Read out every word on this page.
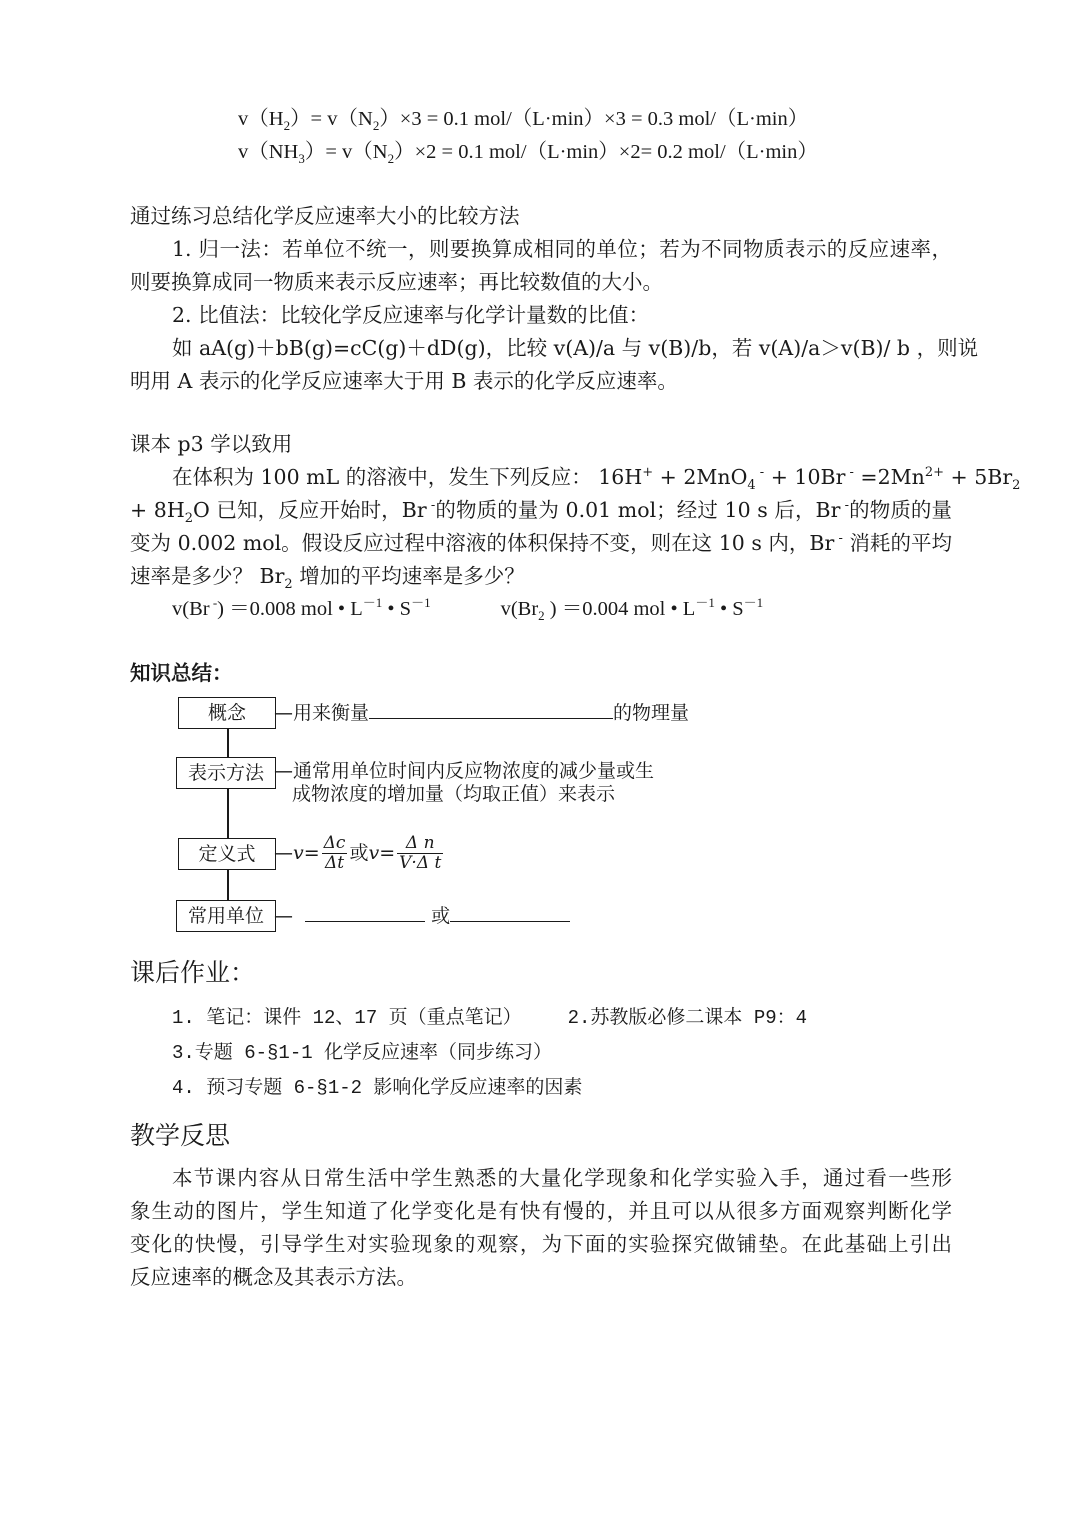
$v(H_2)= v(N_2)\times 3 = 0.1$ mol/（L·min）×3 = 0.3 mol/（L·min）
$v(NH_3)= v(N_2)\times 2 = 0.1$ mol/（L·min）×2= 0.2 mol/（L·min）
通过练习总结化学反应速率大小的比较方法
1. 归一法：若单位不统一，则要换算成相同的单位；若为不同物质表示的反应速率，
则要换算成同一物质来表示反应速率；再比较数值的大小。
2. 比值法：比较化学反应速率与化学计量数的比值：
如 aA(g)＋bB(g)=cC(g)＋dD(g)，比较 v(A)/a 与 v(B)/b，若 v(A)/a＞v(B)/ b ，则说
明用 A 表示的化学反应速率大于用 B 表示的化学反应速率。
课本 p3 学以致用
在体积为 100 mL 的溶液中，发生下列反应： 16H+ + 2MnO$_4$ - + 10Br $^- =2Mn^{2+} + 5Br_2$
+ $8H_2O$ 已知，反应开始时，Br -的物质的量为 0.01 mol；经过 10 s 后，Br -的物质的量
变为 0.002 mol。假设反应过程中溶液的体积保持不变，则在这 10 s 内，Br - 消耗的平均
速率是多少？ $Br_2$ 增加的平均速率是多少？
v(Br -) ＝0.008 mol • $L^{-1}$ • $S^{-1}$	$v(Br_2$ ) ＝0.004 mol • $L^{-1}$ • $S^{-1}$
知识总结：
概念	—用来衡量	的物理量
表示方法 —通常用单位时间内反应物浓度的减少量或生
成物浓度的增加量（均取正值）来表示
定义式 —v= $\frac{\Delta c}{\Delta t}$ 或$v= \frac{\text{Δ n}}{\text{V·Δ t}}$
常用单位 —	或
课后作业：
1. 笔记：课件 12、17 页（重点笔记） 2.苏教版必修二课本 P9：4
3.专题 6-§1-1 化学反应速率（同步练习）
4. 预习专题 6-§1-2 影响化学反应速率的因素
教学反思
本节课内容从日常生活中学生熟悉的大量化学现象和化学实验入手，通过看一些形
象生动的图片，学生知道了化学变化是有快有慢的，并且可以从很多方面观察判断化学
变化的快慢，引导学生对实验现象的观察，为下面的实验探究做铺垫。在此基础上引出
反应速率的概念及其表示方法。
